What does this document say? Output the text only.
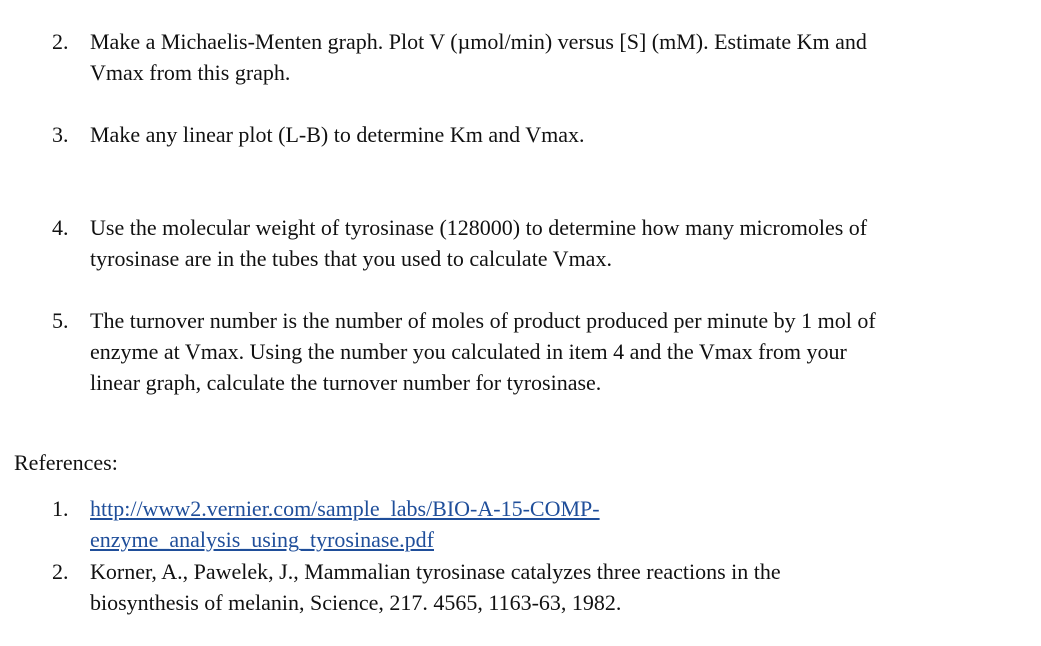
2. Make a Michaelis-Menten graph. Plot V (µmol/min) versus [S] (mM). Estimate Km and
Vmax from this graph.
3. Make any linear plot (L-B) to determine Km and Vmax.
4. Use the molecular weight of tyrosinase (128000) to determine how many micromoles of
tyrosinase are in the tubes that you used to calculate Vmax.
5. The turnover number is the number of moles of product produced per minute by 1 mol of
enzyme at Vmax. Using the number you calculated in item 4 and the Vmax from your
linear graph, calculate the turnover number for tyrosinase.
References:
1. http://www2.vernier.com/sample_labs/BIO-A-15-COMP-
enzyme_analysis_using_tyrosinase.pdf
2. Korner, A., Pawelek, J., Mammalian tyrosinase catalyzes three reactions in the
biosynthesis of melanin, Science, 217. 4565, 1163-63, 1982.
